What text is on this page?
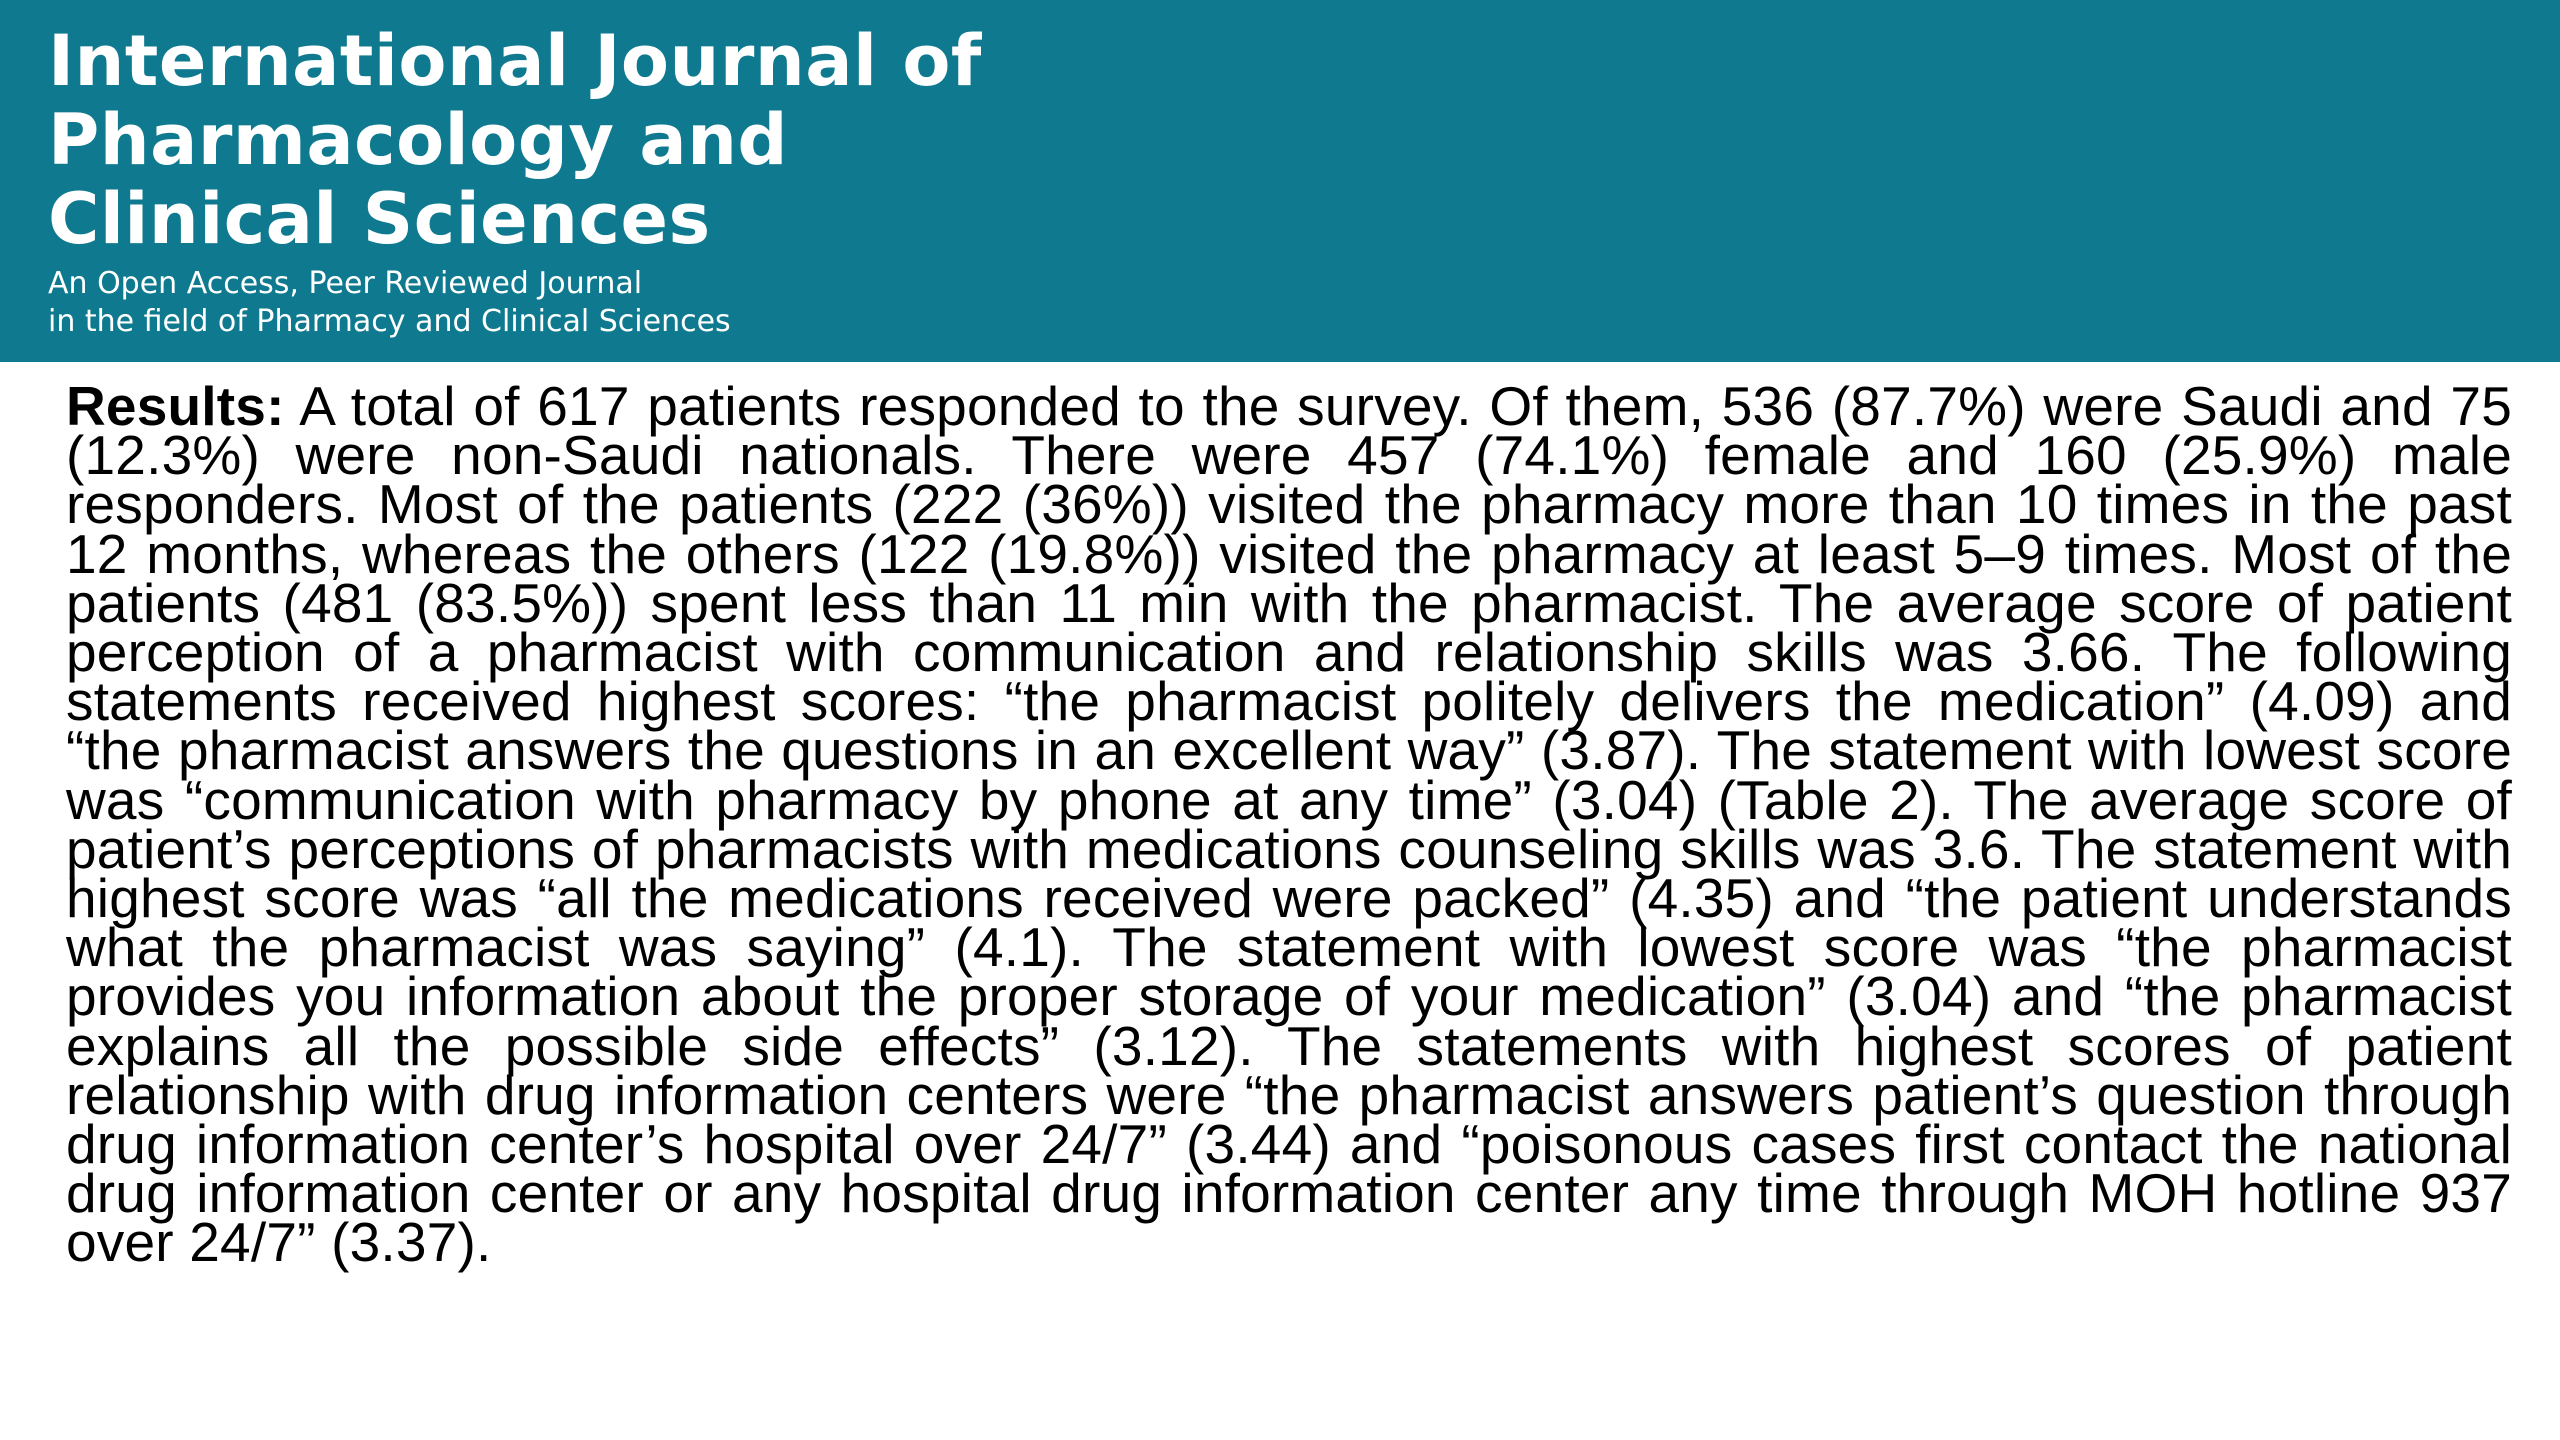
International Journal of
Pharmacology and
Clinical Sciences

An Open Access, Peer Reviewed Journal
in the field of Pharmacy and Clinical Sciences

Results: A total of 617 patients responded to the survey. Of them, 536 (87.7%) were Saudi and 75 (12.3%) were non-Saudi nationals. There were 457 (74.1%) female and 160 (25.9%) male responders. Most of the patients (222 (36%)) visited the pharmacy more than 10 times in the past 12 months, whereas the others (122 (19.8%)) visited the pharmacy at least 5–9 times. Most of the patients (481 (83.5%)) spent less than 11 min with the pharmacist. The average score of patient perception of a pharmacist with communication and relationship skills was 3.66. The following statements received highest scores: “the pharmacist politely delivers the medication” (4.09) and “the pharmacist answers the questions in an excellent way” (3.87). The statement with lowest score was “communication with pharmacy by phone at any time” (3.04) (Table 2). The average score of patient’s perceptions of pharmacists with medications counseling skills was 3.6. The statement with highest score was “all the medications received were packed” (4.35) and “the patient understands what the pharmacist was saying” (4.1). The statement with lowest score was “the pharmacist provides you information about the proper storage of your medication” (3.04) and “the pharmacist explains all the possible side effects” (3.12). The statements with highest scores of patient relationship with drug information centers were “the pharmacist answers patient’s question through drug information center’s hospital over 24/7” (3.44) and “poisonous cases first contact the national drug information center or any hospital drug information center any time through MOH hotline 937 over 24/7” (3.37).
